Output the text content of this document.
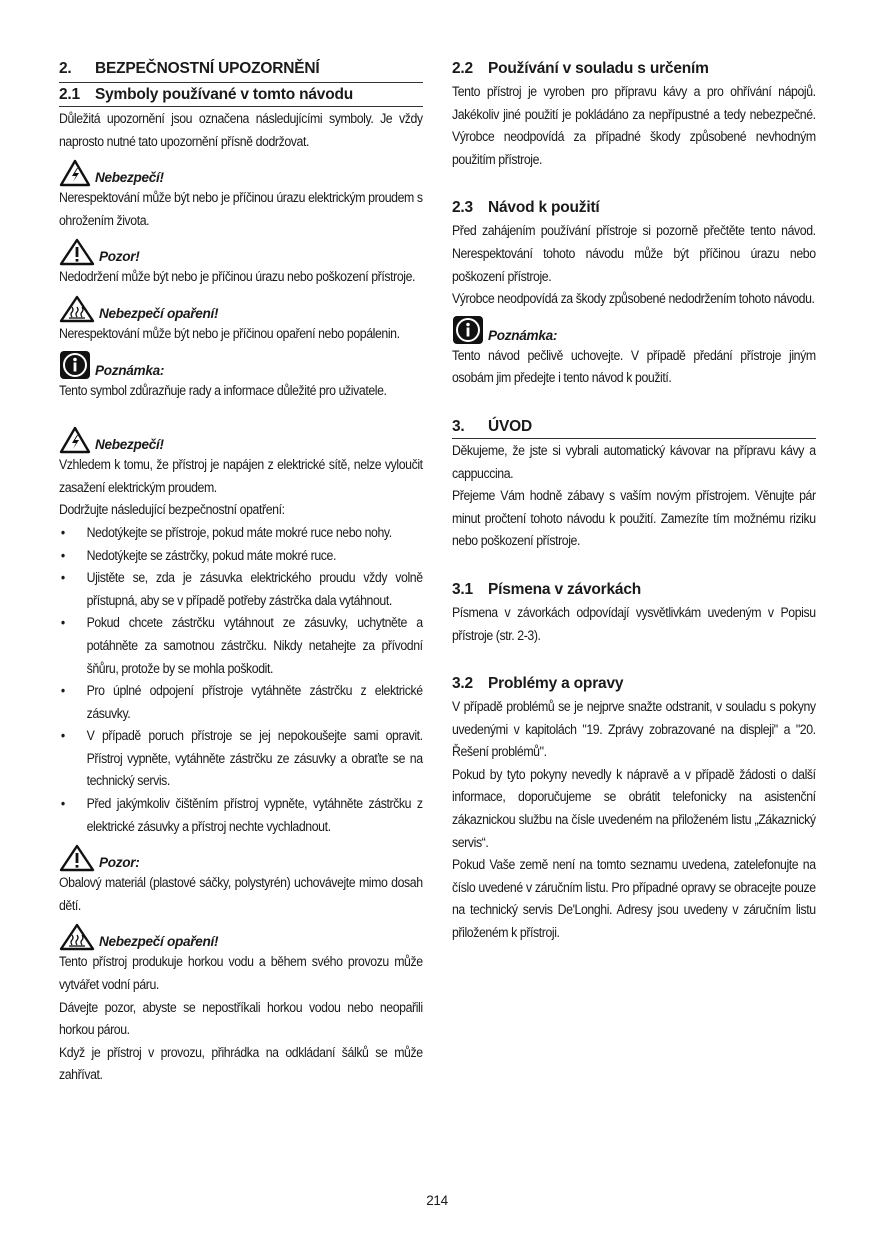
2. BEZPEČNOSTNÍ UPOZORNĚNÍ
2.1 Symboly používané v tomto návodu
Důležitá upozornění jsou označena následujícími symboly. Je vždy naprosto nutné tato upozornění přísně dodržovat.
Nebezpečí!
Nerespektování může být nebo je příčinou úrazu elektrickým proudem s ohrožením života.
Pozor!
Nedodržení může být nebo je příčinou úrazu nebo poškození přístroje.
Nebezpečí opaření!
Nerespektování může být nebo je příčinou opaření nebo popálenin.
Poznámka:
Tento symbol zdůrazňuje rady a informace důležité pro uživatele.
Nebezpečí!
Vzhledem k tomu, že přístroj je napájen z elektrické sítě, nelze vyloučit zasažení elektrickým proudem.
Dodržujte následující bezpečnostní opatření:
• Nedotýkejte se přístroje, pokud máte mokré ruce nebo nohy.
• Nedotýkejte se zástrčky, pokud máte mokré ruce.
• Ujistěte se, zda je zásuvka elektrického proudu vždy volně přístupná, aby se v případě potřeby zástrčka dala vytáhnout.
• Pokud chcete zástrčku vytáhnout ze zásuvky, uchytněte a potáhněte za samotnou zástrčku. Nikdy netahejte za přívodní šňůru, protože by se mohla poškodit.
• Pro úplné odpojení přístroje vytáhněte zástrčku z elektrické zásuvky.
• V případě poruch přístroje se jej nepokoušejte sami opravit. Přístroj vypněte, vytáhněte zástrčku ze zásuvky a obraťte se na technický servis.
• Před jakýmkoliv čištěním přístroj vypněte, vytáhněte zástrčku z elektrické zásuvky a přístroj nechte vychladnout.
Pozor:
Obalový materiál (plastové sáčky, polystyrén) uchovávejte mimo dosah dětí.
Nebezpečí opaření!
Tento přístroj produkuje horkou vodu a během svého provozu může vytvářet vodní páru.
Dávejte pozor, abyste se nepostříkali horkou vodou nebo neopařili horkou párou.
Když je přístroj v provozu, přihrádka na odkládaní šálků se může zahřívat.
2.2 Používání v souladu s určením
Tento přístroj je vyroben pro přípravu kávy a pro ohřívání nápojů. Jakékoliv jiné použití je pokládáno za nepřípustné a tedy nebezpečné. Výrobce neodpovídá za případné škody způsobené nevhodným použitím přístroje.
2.3 Návod k použití
Před zahájením používání přístroje si pozorně přečtěte tento návod. Nerespektování tohoto návodu může být příčinou úrazu nebo poškození přístroje.
Výrobce neodpovídá za škody způsobené nedodržením tohoto návodu.
Poznámka:
Tento návod pečlivě uchovejte. V případě předání přístroje jiným osobám jim předejte i tento návod k použití.
3. ÚVOD
Děkujeme, že jste si vybrali automatický kávovar na přípravu kávy a cappuccina.
Přejeme Vám hodně zábavy s vaším novým přístrojem. Věnujte pár minut pročtení tohoto návodu k použití. Zamezíte tím možnému riziku nebo poškození přístroje.
3.1 Písmena v závorkách
Písmena v závorkách odpovídají vysvětlivkám uvedeným v Popisu přístroje (str. 2-3).
3.2 Problémy a opravy
V případě problémů se je nejprve snažte odstranit, v souladu s pokyny uvedenými v kapitolách "19. Zprávy zobrazované na displeji" a "20. Řešení problémů".
Pokud by tyto pokyny nevedly k nápravě a v případě žádosti o další informace, doporučujeme se obrátit telefonicky na asistenční zákaznickou službu na čísle uvedeném na přiloženém listu „Zákaznický servis“.
Pokud Vaše země není na tomto seznamu uvedena, zatelefonujte na číslo uvedené v záručním listu. Pro případné opravy se obracejte pouze na technický servis De'Longhi. Adresy jsou uvedeny v záručním listu přiloženém k přístroji.
214
